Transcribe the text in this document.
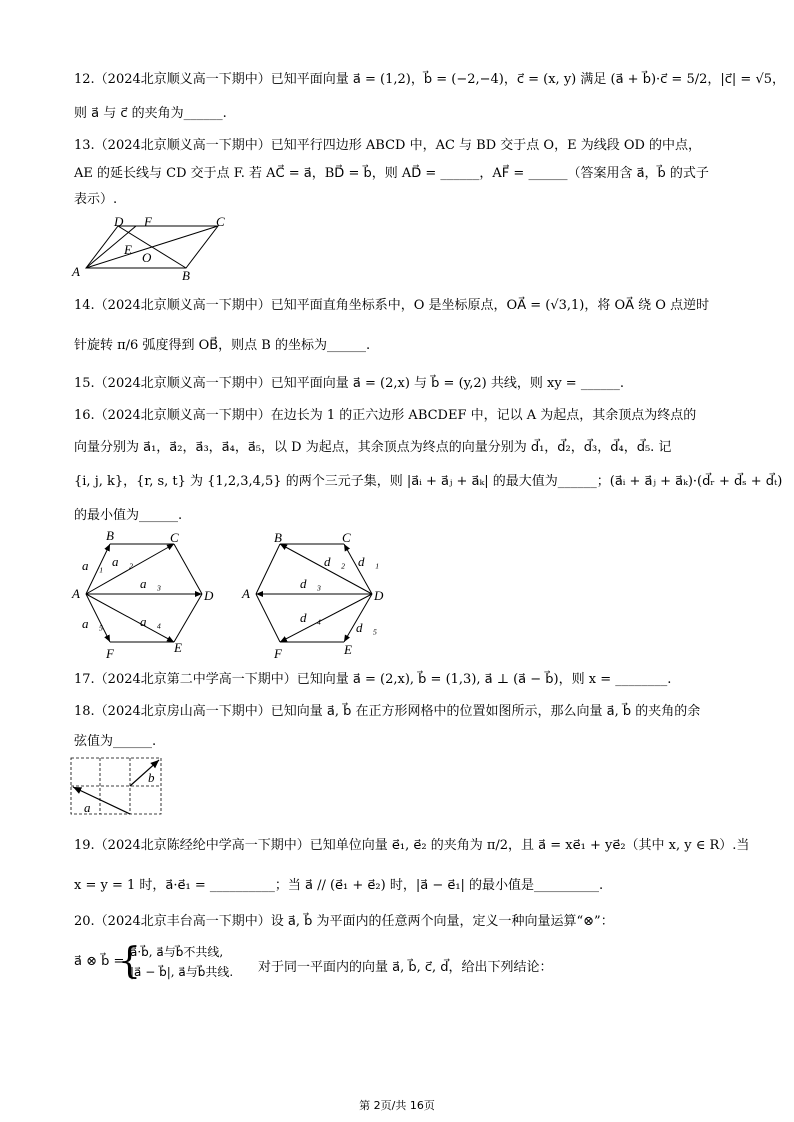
12.（2024北京顺义高一下期中）已知平面向量 a⃗ = (1,2)，b⃗ = (−2,−4)，c⃗ = (x, y) 满足 (a⃗ + b⃗)·c⃗ = 5/2，|c⃗| = √5，
则 a⃗ 与 c⃗ 的夹角为______.
13.（2024北京顺义高一下期中）已知平行四边形 ABCD 中，AC 与 BD 交于点 O，E 为线段 OD 的中点，
AE 的延长线与 CD 交于点 F. 若 AC⃗ = a⃗，BD⃗ = b⃗，则 AD⃗ = ______，AF⃗ = ______（答案用含 a⃗，b⃗ 的式子
表示）.
D F	C
E
O
A	B
14.（2024北京顺义高一下期中）已知平面直角坐标系中，O 是坐标原点，OA⃗ = (√3,1)，将 OA⃗ 绕 O 点逆时
针旋转 π/6 弧度得到 OB⃗，则点 B 的坐标为______.
15.（2024北京顺义高一下期中）已知平面向量 a⃗ = (2,x) 与 b⃗ = (y,2) 共线，则 xy = ______.
16.（2024北京顺义高一下期中）在边长为 1 的正六边形 ABCDEF 中，记以 A 为起点，其余顶点为终点的
向量分别为 a⃗₁，a⃗₂，a⃗₃，a⃗₄，a⃗₅，以 D 为起点，其余顶点为终点的向量分别为 d⃗₁，d⃗₂，d⃗₃，d⃗₄，d⃗₅. 记
{i, j, k}，{r, s, t} 为 {1,2,3,4,5} 的两个三元子集，则 |a⃗ᵢ + a⃗ⱼ + a⃗ₖ| 的最大值为______；(a⃗ᵢ + a⃗ⱼ + a⃗ₖ)·(d⃗ᵣ + d⃗ₛ + d⃗ₜ)
的最小值为______.
B	C
D
E
F
A
a⃗₁ a⃗₂
a⃗₃
a⃗₄
a⃗₅
B	C
D
E
F
A
d⃗₁
d⃗₂
d⃗₃
d⃗₄
d⃗₅
17.（2024北京第二中学高一下期中）已知向量 a⃗ = (2,x), b⃗ = (1,3), a⃗ ⊥ (a⃗ − b⃗)，则 x = ________.
18.（2024北京房山高一下期中）已知向量 a⃗, b⃗ 在正方形网格中的位置如图所示，那么向量 a⃗, b⃗ 的夹角的余
弦值为______.
a⃗
b⃗
19.（2024北京陈经纶中学高一下期中）已知单位向量 e⃗₁, e⃗₂ 的夹角为 π/2，且 a⃗ = xe⃗₁ + ye⃗₂（其中 x, y ∈ R）.当
x = y = 1 时，a⃗·e⃗₁ = __________；当 a⃗ // (e⃗₁ + e⃗₂) 时，|a⃗ − e⃗₁| 的最小值是__________.
20.（2024北京丰台高一下期中）设 a⃗, b⃗ 为平面内的任意两个向量，定义一种向量运算“⊗”：
a⃗ ⊗ b⃗ =
{
a⃗·b⃗, a⃗与b⃗不共线,
|a⃗ − b⃗|, a⃗与b⃗共线. 对于同一平面内的向量 a⃗, b⃗, c⃗, d⃗，给出下列结论：
第 2页/共 16页
